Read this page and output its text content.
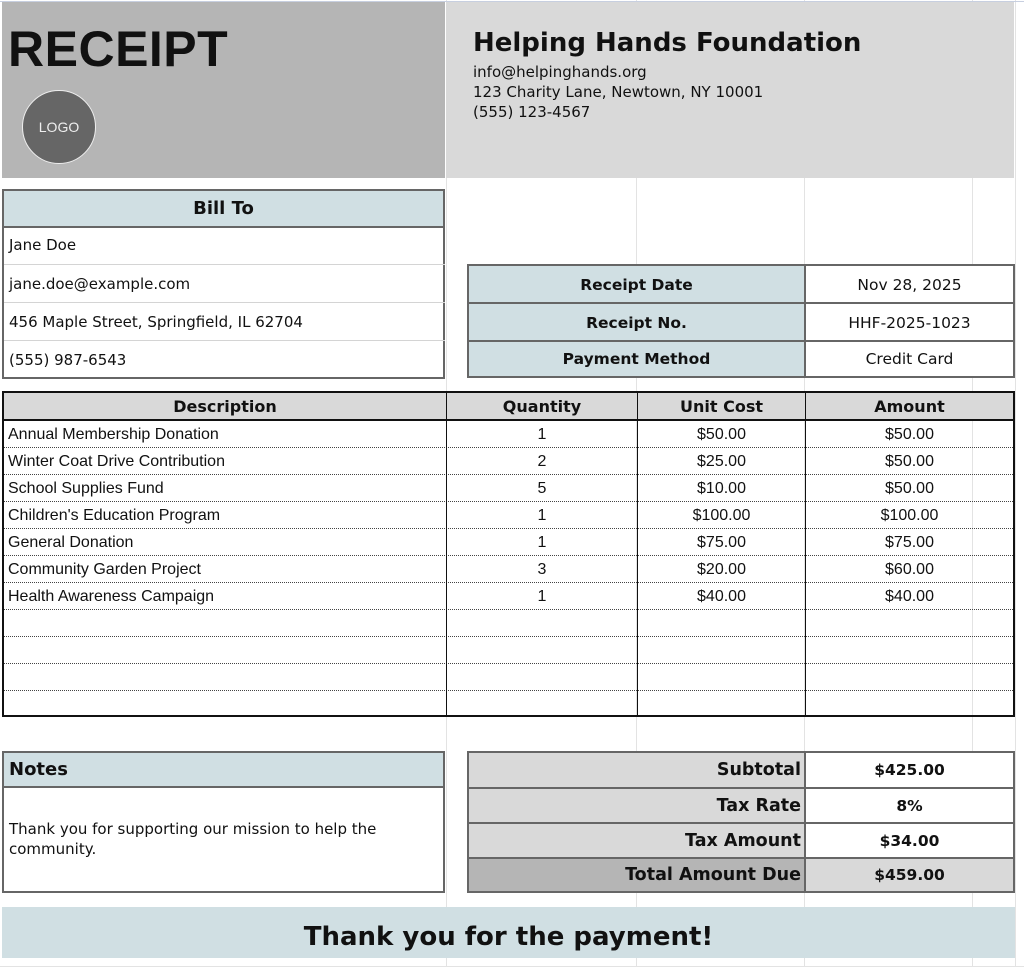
RECEIPT
LOGO
Helping Hands Foundation
info@helpinghands.org
123 Charity Lane, Newtown, NY 10001
(555) 123-4567
Bill To
Jane Doe
jane.doe@example.com
456 Maple Street, Springfield, IL 62704
(555) 987-6543
Receipt Date	Nov 28, 2025
Receipt No.	HHF-2025-1023
Payment Method	Credit Card
Description	Quantity	Unit Cost	Amount
Annual Membership Donation	1	$50.00	$50.00
Winter Coat Drive Contribution	2	$25.00	$50.00
School Supplies Fund	5	$10.00	$50.00
Children's Education Program	1	$100.00	$100.00
General Donation	1	$75.00	$75.00
Community Garden Project	3	$20.00	$60.00
Health Awareness Campaign	1	$40.00	$40.00
Notes
Thank you for supporting our mission to help the community.
Subtotal	$425.00
Tax Rate	8%
Tax Amount	$34.00
Total Amount Due	$459.00
Thank you for the payment!
